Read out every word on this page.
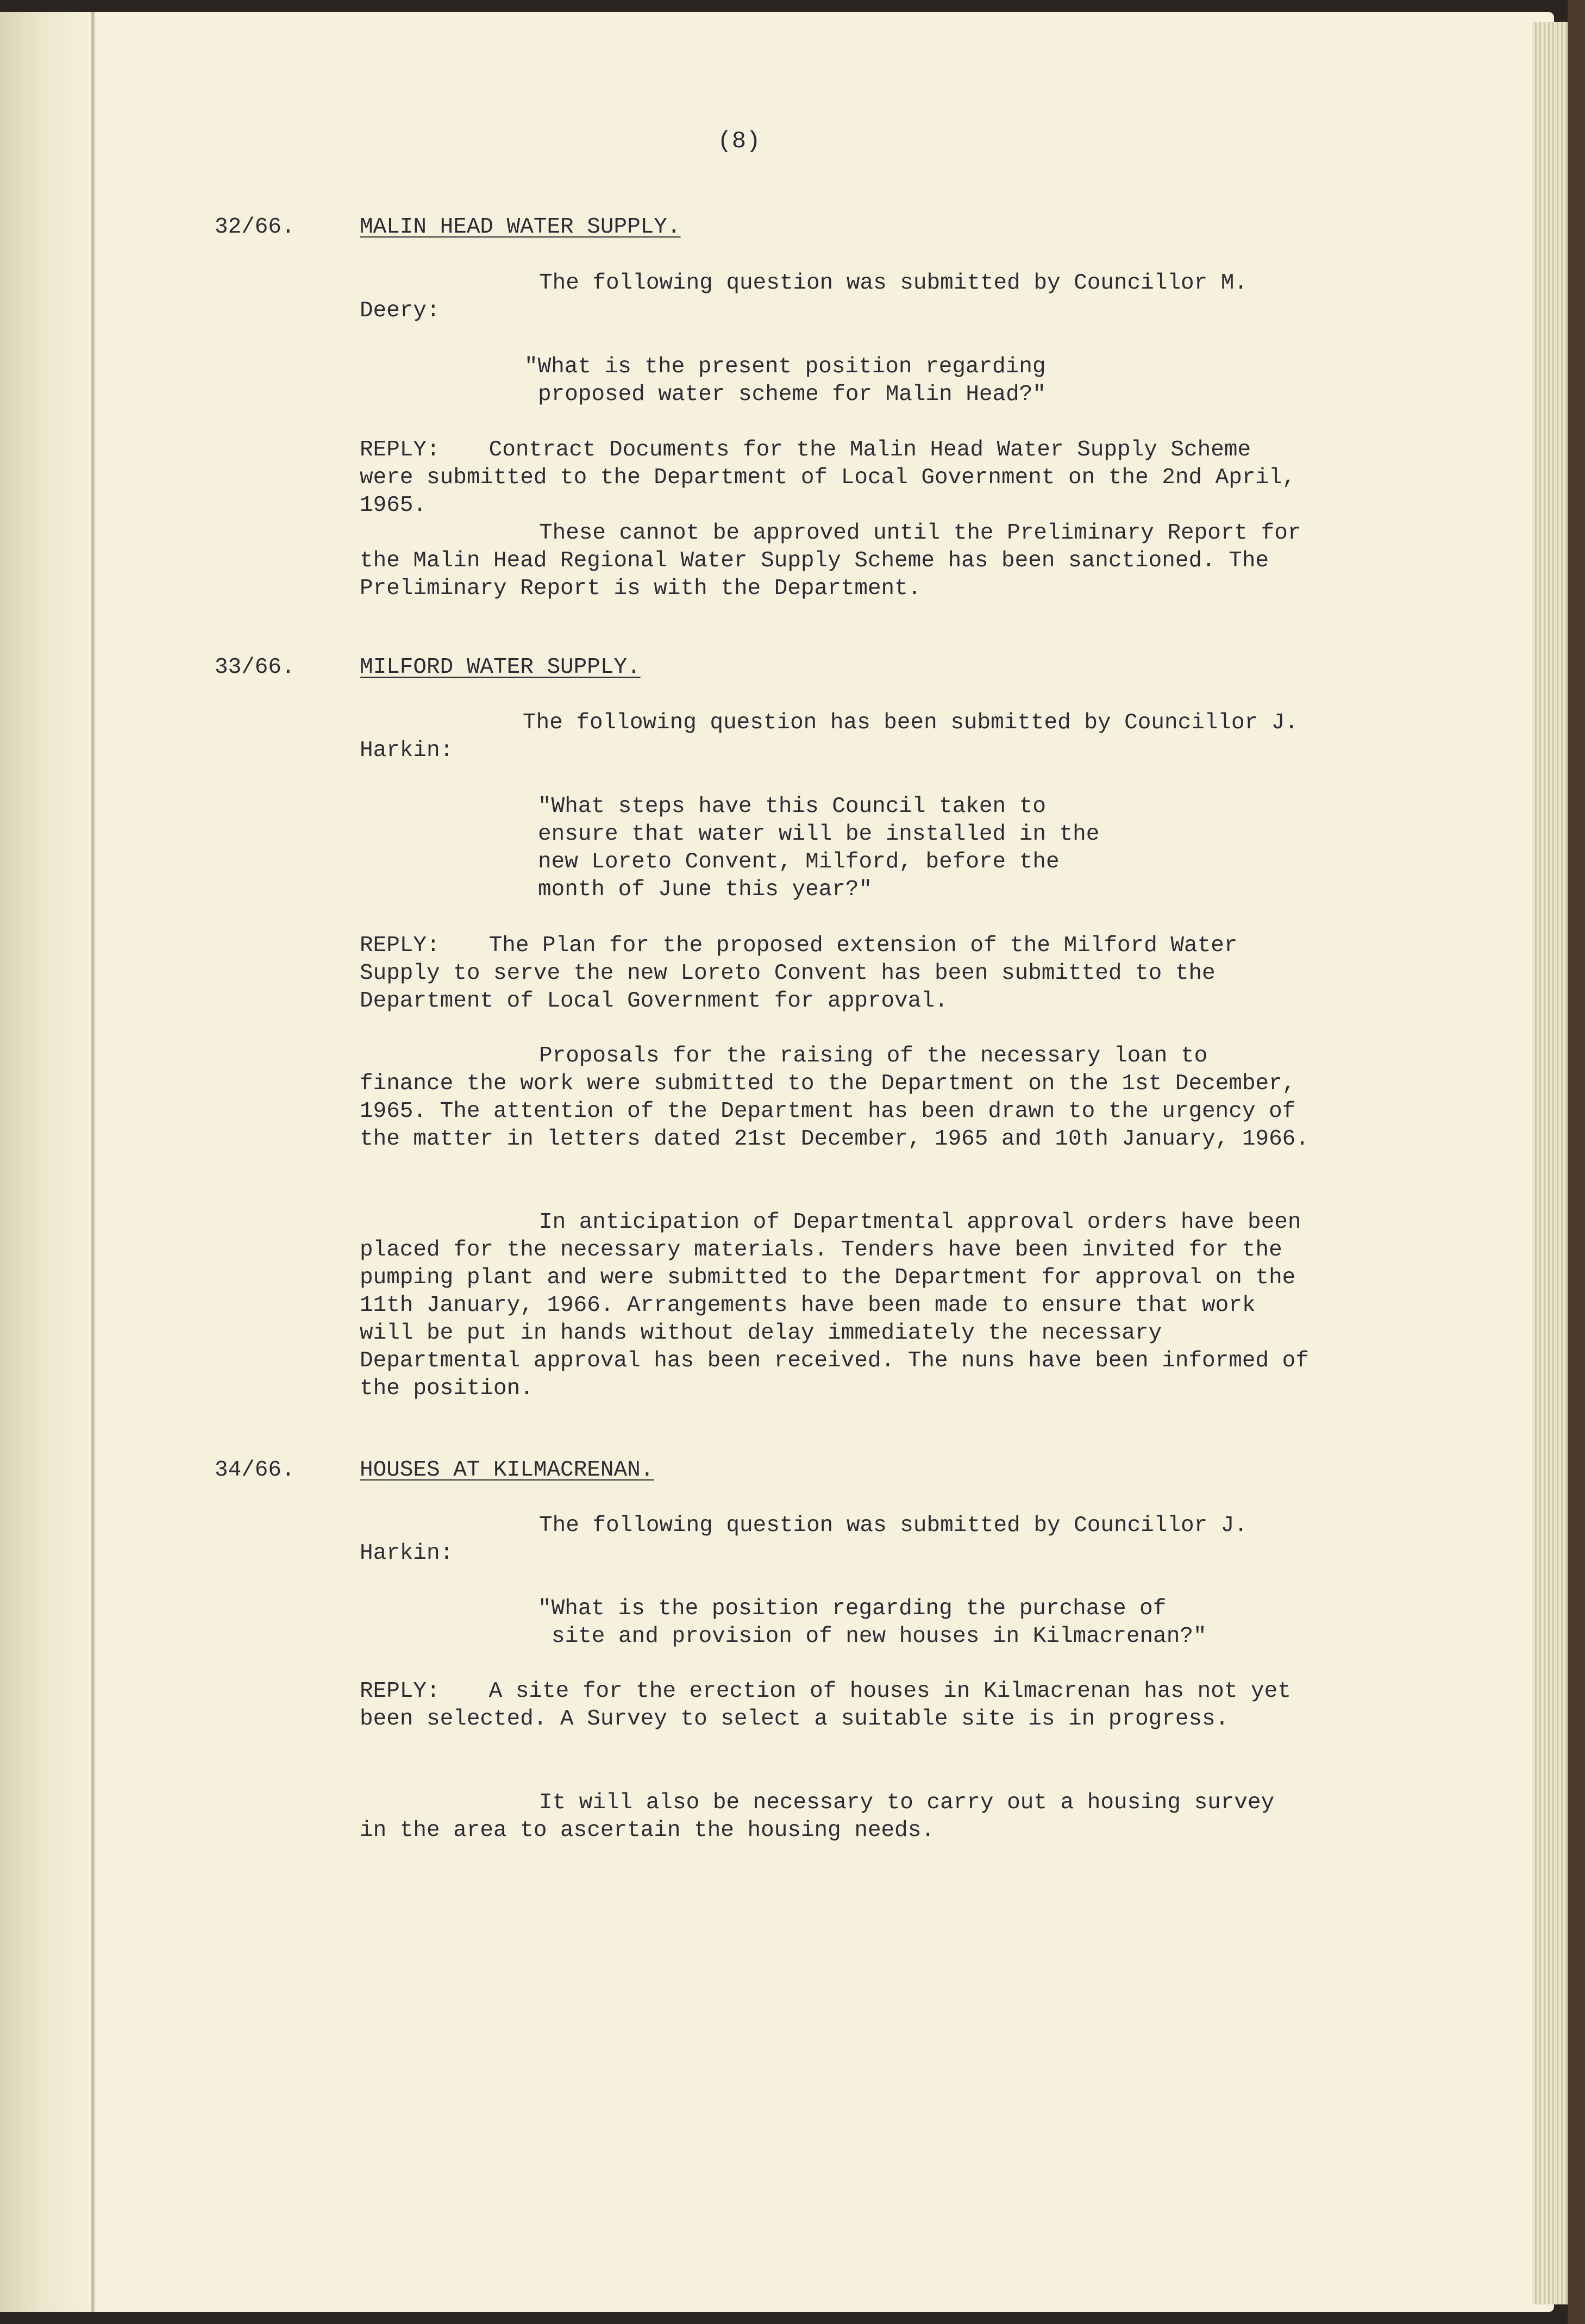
(8)
32/66.	MALIN HEAD WATER SUPPLY.
The following question was submitted by Councillor M. Deery:
"What is the present position regarding
proposed water scheme for Malin Head?"
REPLY: Contract Documents for the Malin Head Water Supply Scheme were submitted to the Department of Local Government on the 2nd April, 1965.
These cannot be approved until the Preliminary Report for the Malin Head Regional Water Supply Scheme has been sanctioned. The Preliminary Report is with the Department.
33/66.	MILFORD WATER SUPPLY.
The following question has been submitted by Councillor J. Harkin:
"What steps have this Council taken to
ensure that water will be installed in the
new Loreto Convent, Milford, before the
month of June this year?"
REPLY: The Plan for the proposed extension of the Milford Water Supply to serve the new Loreto Convent has been submitted to the Department of Local Government for approval.
Proposals for the raising of the necessary loan to finance the work were submitted to the Department on the 1st December, 1965. The attention of the Department has been drawn to the urgency of the matter in letters dated 21st December, 1965 and 10th January, 1966.
In anticipation of Departmental approval orders have been placed for the necessary materials. Tenders have been invited for the pumping plant and were submitted to the Department for approval on the 11th January, 1966. Arrangements have been made to ensure that work will be put in hands without delay immediately the necessary Departmental approval has been received. The nuns have been informed of the position.
34/66.	HOUSES AT KILMACRENAN.
The following question was submitted by Councillor J. Harkin:
"What is the position regarding the purchase of
site and provision of new houses in Kilmacrenan?"
REPLY: A site for the erection of houses in Kilmacrenan has not yet been selected. A Survey to select a suitable site is in progress.
It will also be necessary to carry out a housing survey in the area to ascertain the housing needs.
